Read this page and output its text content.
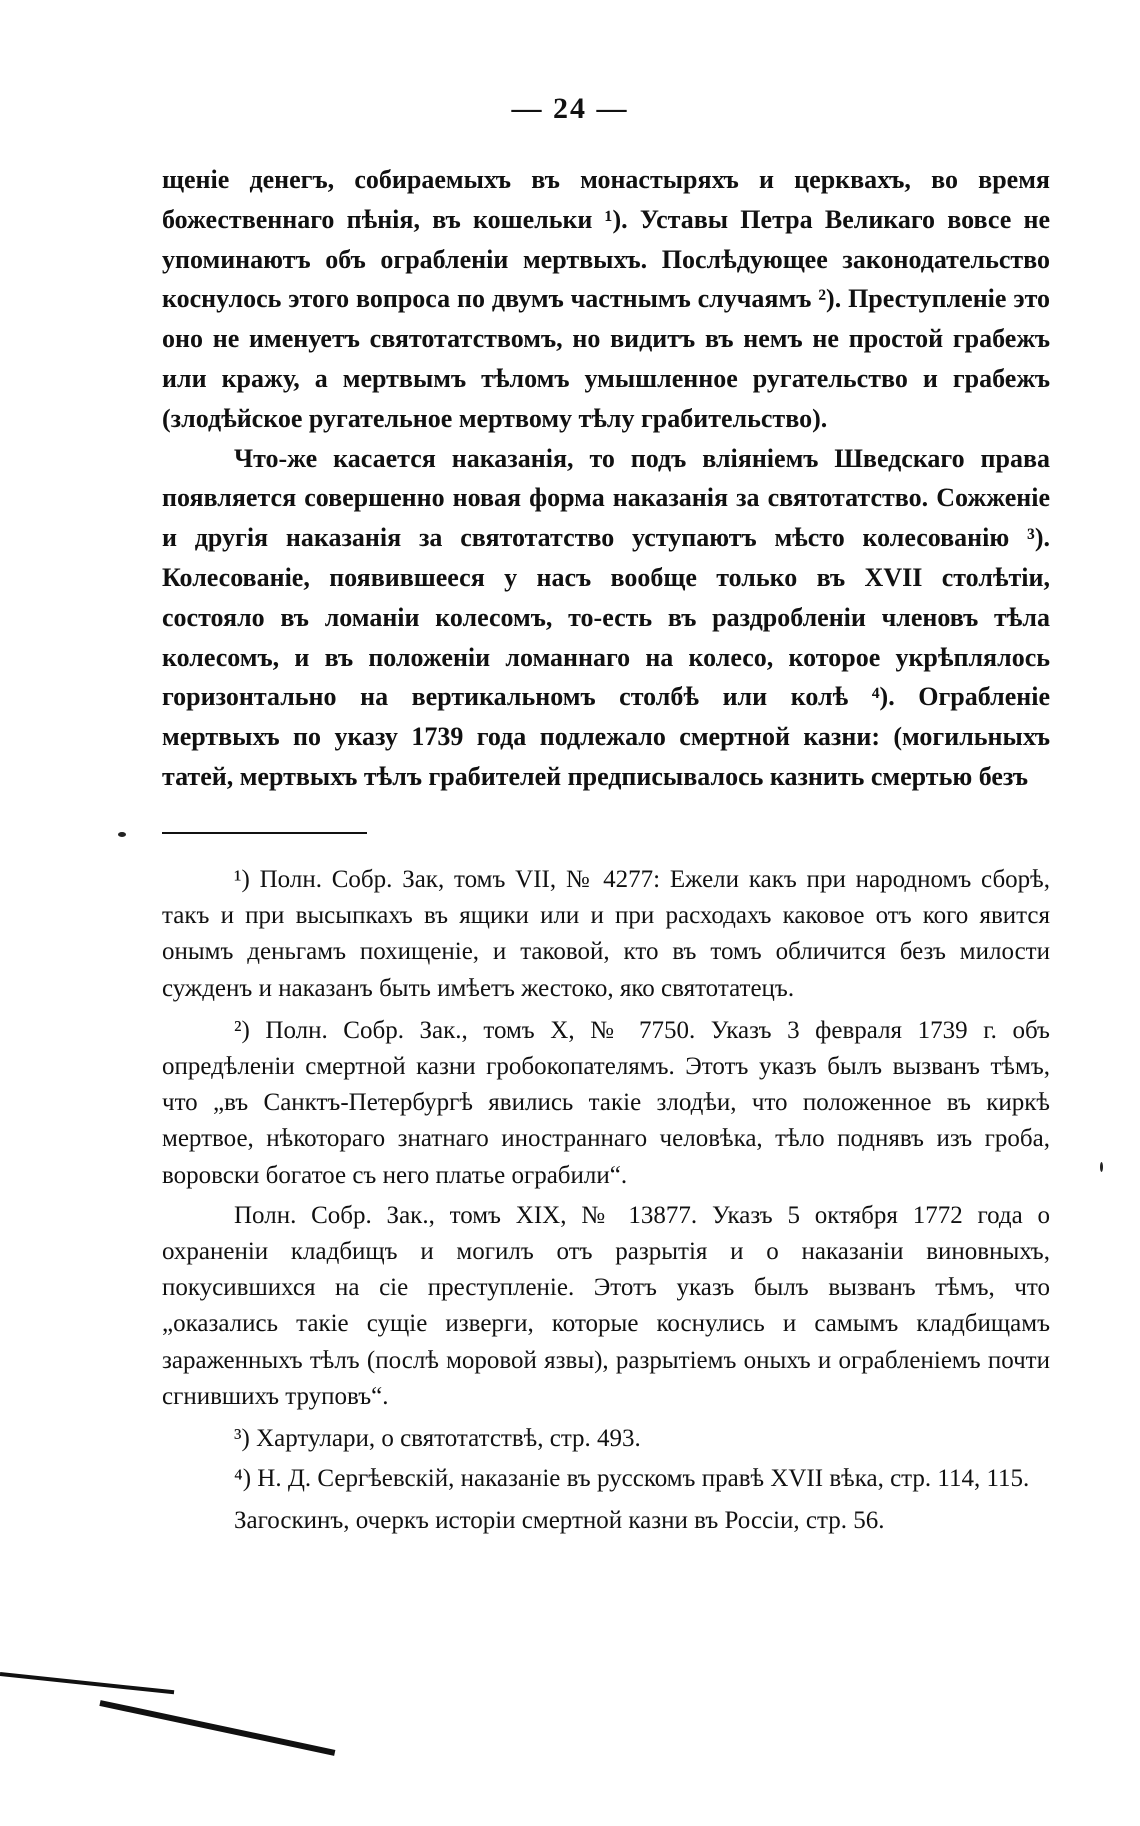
— 24 —

щеніе денегъ, собираемыхъ въ монастыряхъ и церквахъ, во время божественнаго пѣнія, въ кошельки ¹). Уставы Петра Великаго вовсе не упоминаютъ объ ограбленіи мертвыхъ. Послѣдующее законодательство коснулось этого вопроса по двумъ частнымъ случаямъ ²). Преступленіе это оно не именуетъ святотатствомъ, но видитъ въ немъ не простой грабежъ или кражу, а мертвымъ тѣломъ умышленное ругательство и грабежъ (злодѣйское ругательное мертвому тѣлу грабительство).

Что-же касается наказанія, то подъ вліяніемъ Шведскаго права появляется совершенно новая форма наказанія за святотатство. Сожженіе и другія наказанія за святотатство уступаютъ мѣсто колесованію ³). Колесованіе, появившееся у насъ вообще только въ XVII столѣтіи, состояло въ ломаніи колесомъ, то-есть въ раздробленіи членовъ тѣла колесомъ, и въ положеніи ломаннаго на колесо, которое укрѣплялось горизонтально на вертикальномъ столбѣ или колѣ ⁴). Ограбленіе мертвыхъ по указу 1739 года подлежало смертной казни: (могильныхъ татей, мертвыхъ тѣлъ грабителей предписывалось казнить смертью безъ

¹) Полн. Собр. Зак, томъ VII, № 4277: Ежели какъ при народномъ сборѣ, такъ и при высыпкахъ въ ящики или и при расходахъ каковое отъ кого явится онымъ деньгамъ похищеніе, и таковой, кто въ томъ обличится безъ милости сужденъ и наказанъ быть имѣетъ жестоко, яко святотатецъ.

²) Полн. Собр. Зак., томъ X, № 7750. Указъ 3 февраля 1739 г. объ опредѣленіи смертной казни гробокопателямъ. Этотъ указъ былъ вызванъ тѣмъ, что „въ Санктъ-Петербургѣ явились такіе злодѣи, что положенное въ киркѣ мертвое, нѣкотораго знатнаго иностраннаго человѣка, тѣло поднявъ изъ гроба, воровски богатое съ него платье ограбили“.

Полн. Собр. Зак., томъ XIX, № 13877. Указъ 5 октября 1772 года о охраненіи кладбищъ и могилъ отъ разрытія и о наказаніи виновныхъ, покусившихся на сіе преступленіе. Этотъ указъ былъ вызванъ тѣмъ, что „оказались такіе сущіе изверги, которые коснулись и самымъ кладбищамъ зараженныхъ тѣлъ (послѣ моровой язвы), разрытіемъ оныхъ и ограбленіемъ почти сгнившихъ труповъ“.

³) Хартулари, о святотатствѣ, стр. 493.

⁴) Н. Д. Сергѣевскій, наказаніе въ русскомъ правѣ XVII вѣка, стр. 114, 115.

Загоскинъ, очеркъ исторіи смертной казни въ Россіи, стр. 56.
